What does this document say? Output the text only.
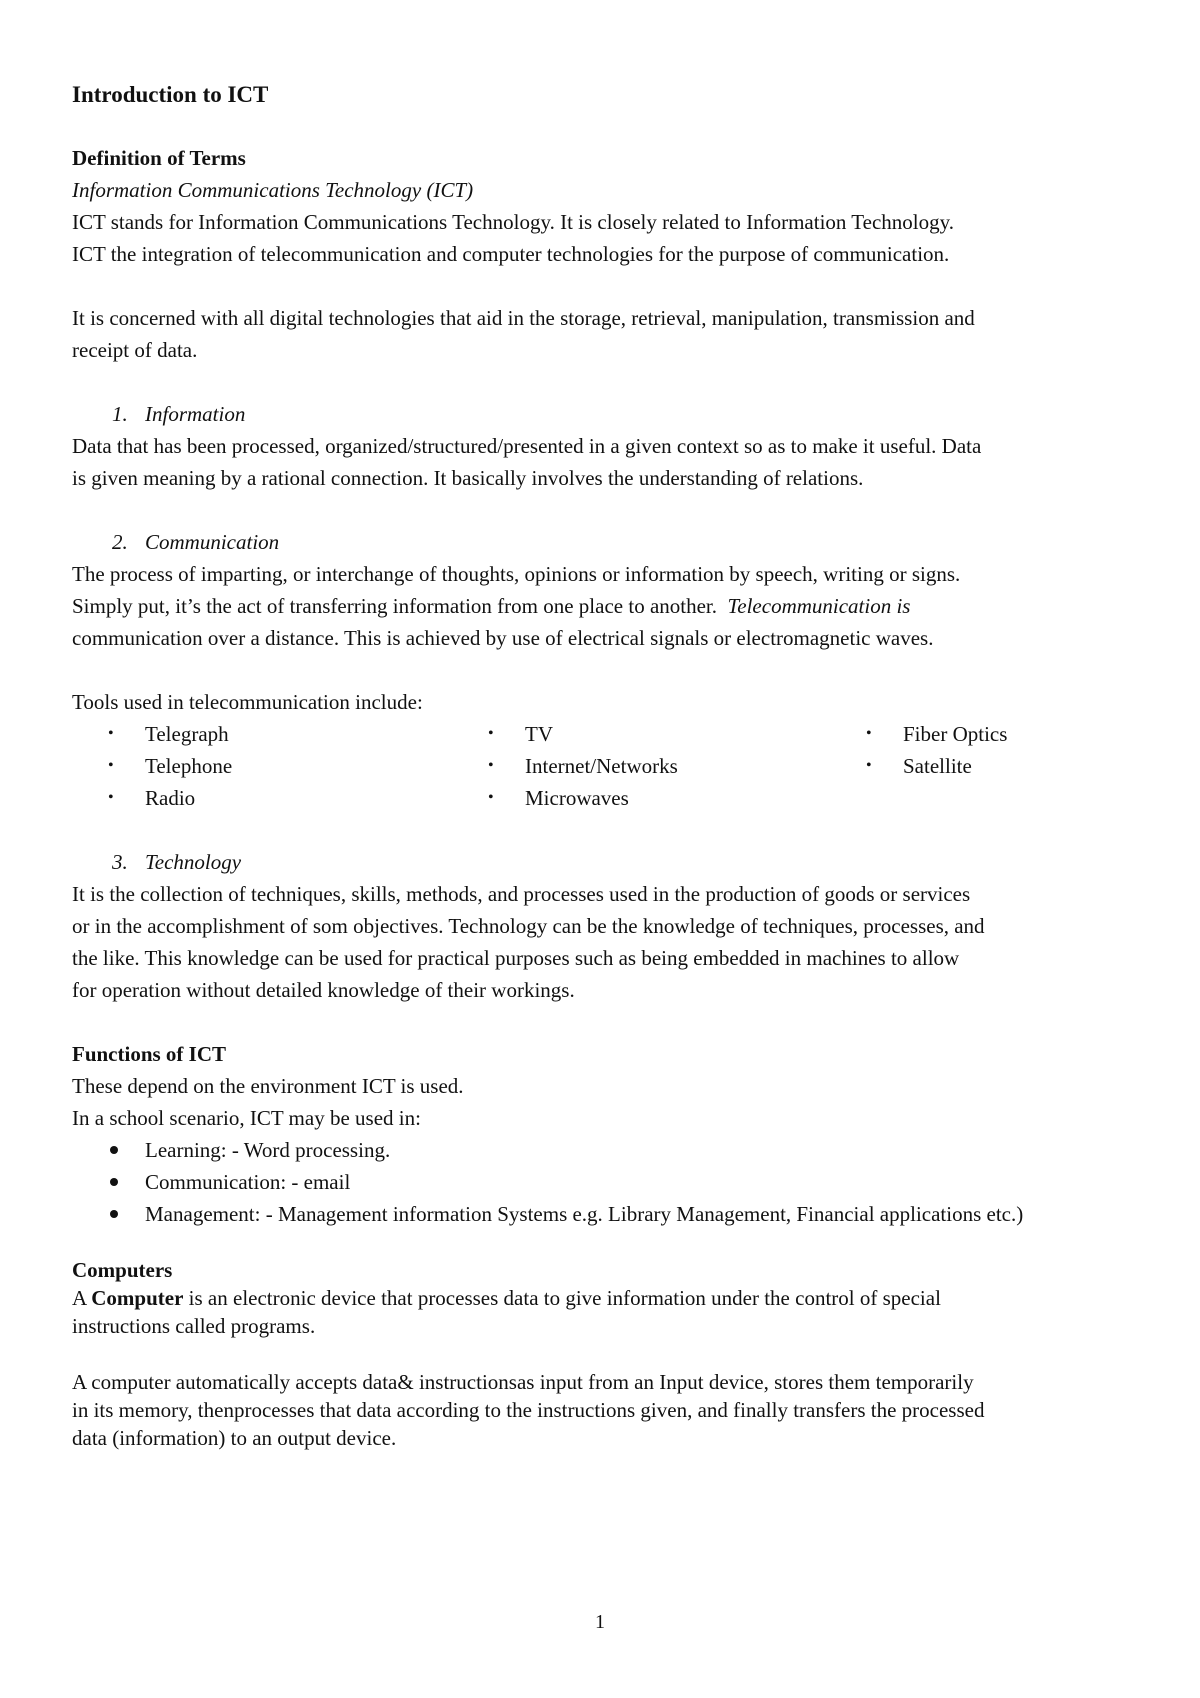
Introduction to ICT

Definition of Terms

Information Communications Technology (ICT)

ICT stands for Information Communications Technology. It is closely related to Information Technology.

ICT the integration of telecommunication and computer technologies for the purpose of communication.

It is concerned with all digital technologies that aid in the storage, retrieval, manipulation, transmission and

receipt of data.

1. Information

Data that has been processed, organized/structured/presented in a given context so as to make it useful. Data

is given meaning by a rational connection. It basically involves the understanding of relations.

2. Communication

The process of imparting, or interchange of thoughts, opinions or information by speech, writing or signs.

Simply put, it’s the act of transferring information from one place to another.  Telecommunication is

communication over a distance. This is achieved by use of electrical signals or electromagnetic waves.

Tools used in telecommunication include:

•	Telegraph
•	Telephone
•	Radio
•	TV
•	Internet/Networks
•	Microwaves
•	Fiber Optics
•	Satellite
3. Technology

It is the collection of techniques, skills, methods, and processes used in the production of goods or services

or in the accomplishment of som objectives. Technology can be the knowledge of techniques, processes, and

the like. This knowledge can be used for practical purposes such as being embedded in machines to allow

for operation without detailed knowledge of their workings.

Functions of ICT

These depend on the environment ICT is used.

In a school scenario, ICT may be used in:

Learning: - Word processing.
Communication: - email
Management: - Management information Systems e.g. Library Management, Financial applications etc.)

Computers

A Computer is an electronic device that processes data to give information under the control of special

instructions called programs.

A computer automatically accepts data& instructionsas input from an Input device, stores them temporarily

in its memory, thenprocesses that data according to the instructions given, and finally transfers the processed

data (information) to an output device.

1
